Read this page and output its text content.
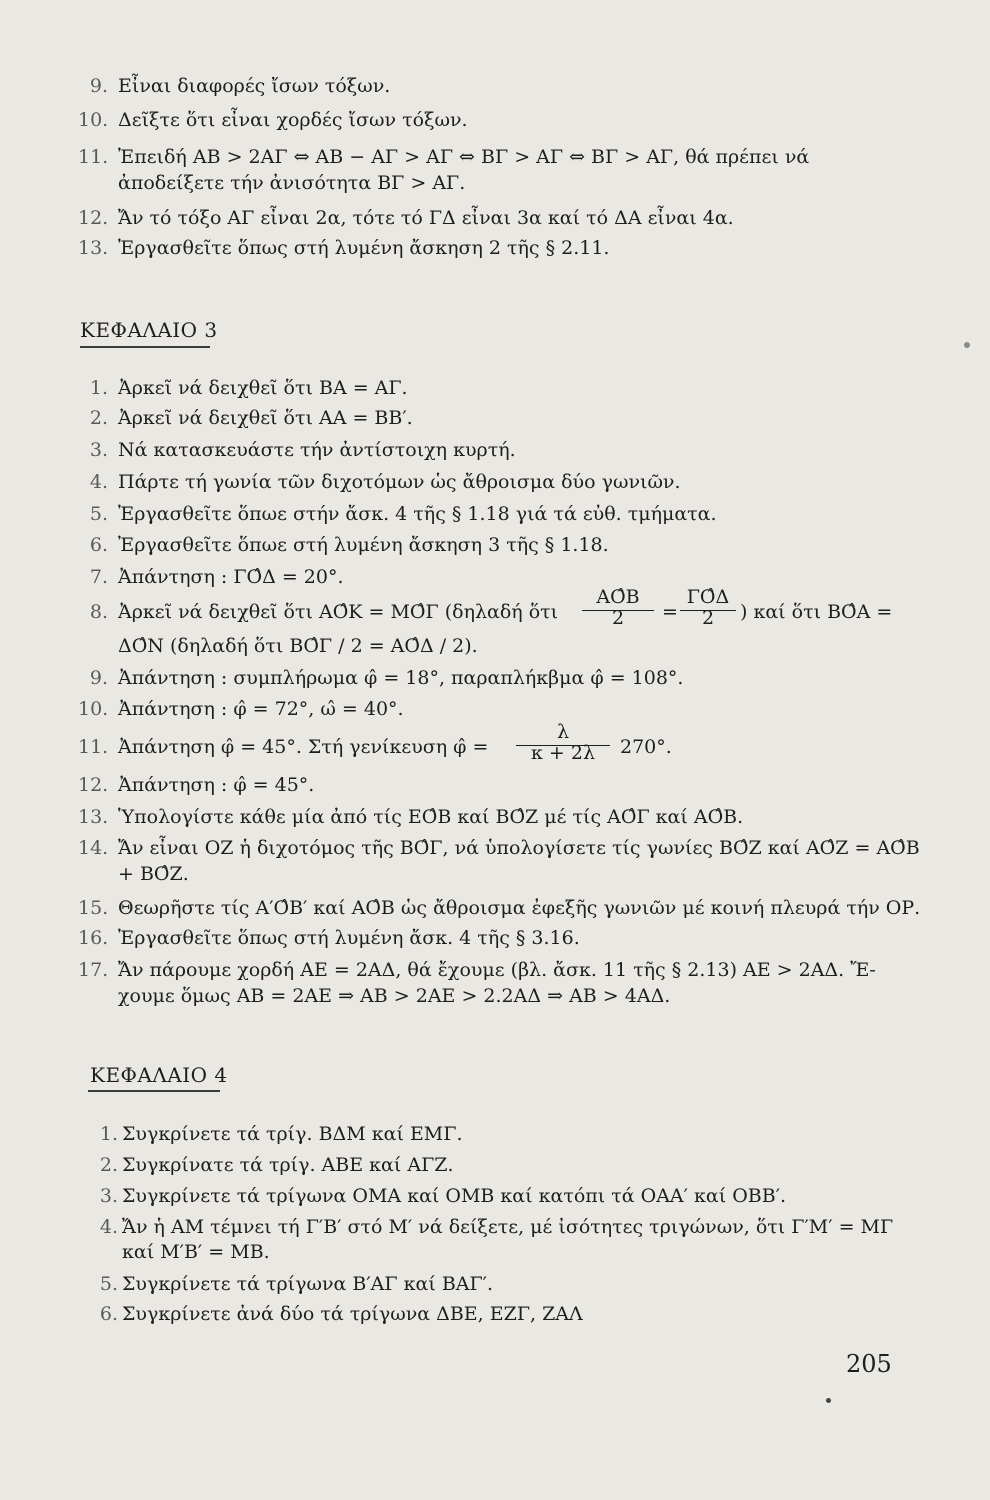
9. Εἶναι διαφορές ἴσων τόξων.
10. Δεῖξτε ὅτι εἶναι χορδές ἴσων τόξων.
11. Ἐπειδή ΑΒ > 2ΑΓ ⇔ ΑΒ − ΑΓ > ΑΓ ⇔ ΒΓ > ΑΓ ⇔ ΒΓ > ΑΓ, θά πρέπει νά
ἀποδείξετε τήν ἀνισότητα ΒΓ > ΑΓ.
12. Ἄν τό τόξο ΑΓ εἶναι 2α, τότε τό ΓΔ εἶναι 3α καί τό ΔΑ εἶναι 4α.
13. Ἐργασθεῖτε ὅπως στή λυμένη ἄσκηση 2 τῆς § 2.11.
ΚΕΦΑΛΑΙΟ 3
1. Ἀρκεῖ νά δειχθεῖ ὅτι ΒΑ = ΑΓ.
2. Ἀρκεῖ νά δειχθεῖ ὅτι ΑΑ = ΒΒ′.
3. Νά κατασκευάστε τήν ἀντίστοιχη κυρτή.
4. Πάρτε τή γωνία τῶν διχοτόμων ὡς ἄθροισμα δύο γωνιῶν.
5. Ἐργασθεῖτε ὅπωε στήν ἄσκ. 4 τῆς § 1.18 γιά τά εὐθ. τμήματα.
6. Ἐργασθεῖτε ὅπωε στή λυμένη ἄσκηση 3 τῆς § 1.18.
7. Ἀπάντηση : ΓΟ̂Δ = 20°.
8. Ἀρκεῖ νά δειχθεῖ ὅτι ΑΟ̂Κ = ΜΟ̂Γ (δηλαδή ὅτι
ΑΟ̂Β
2	=
ΓΟ̂Δ
2	) καί ὅτι ΒΟ̂Α =
ΔΟ̂Ν (δηλαδή ὅτι ΒΟ̂Γ / 2 = ΑΟ̂Δ / 2).
9. Ἀπάντηση : συμπλήρωμα φ̂ = 18°, παραπλήκβμα φ̂ = 108°.
10. Ἀπάντηση : φ̂ = 72°, ω̂ = 40°.
11. Ἀπάντηση φ̂ = 45°. Στή γενίκευση φ̂ =
λ
κ + 2λ	270°.
12. Ἀπάντηση : φ̂ = 45°.
13. Ὑπολογίστε κάθε μία ἀπό τίς ΕΟ̂Β καί ΒΟ̂Ζ μέ τίς ΑΟ̂Γ καί ΑΟ̂Β.
14. Ἄν εἶναι ΟΖ ἡ διχοτόμος τῆς ΒΟ̂Γ, νά ὑπολογίσετε τίς γωνίες ΒΟ̂Ζ καί ΑΟ̂Ζ = ΑΟ̂Β
+ ΒΟ̂Ζ.
15. Θεωρῆστε τίς Α′Ο̂Β′ καί ΑΟ̂Β ὡς ἄθροισμα ἐφεξῆς γωνιῶν μέ κοινή πλευρά τήν ΟΡ.
16. Ἐργασθεῖτε ὅπως στή λυμένη ἄσκ. 4 τῆς § 3.16.
17. Ἄν πάρουμε χορδή ΑΕ = 2ΑΔ, θά ἔχουμε (βλ. ἄσκ. 11 τῆς § 2.13) ΑΕ > 2ΑΔ. Ἔ-
χουμε ὅμως ΑΒ = 2ΑΕ ⇒ ΑΒ > 2ΑΕ > 2.2ΑΔ ⇒ ΑΒ > 4ΑΔ.
ΚΕΦΑΛΑΙΟ 4
1. Συγκρίνετε τά τρίγ. ΒΔΜ καί ΕΜΓ.
2. Συγκρίνατε τά τρίγ. ΑΒΕ καί ΑΓΖ.
3. Συγκρίνετε τά τρίγωνα ΟΜΑ καί ΟΜΒ καί κατόπι τά ΟΑΑ′ καί ΟΒΒ′.
4. Ἄν ἡ ΑΜ τέμνει τή Γ′Β′ στό Μ′ νά δείξετε, μέ ἰσότητες τριγώνων, ὅτι Γ′Μ′ = ΜΓ
καί Μ′Β′ = ΜΒ.
5. Συγκρίνετε τά τρίγωνα Β′ΑΓ καί ΒΑΓ′.
6. Συγκρίνετε ἀνά δύο τά τρίγωνα ΔΒΕ, ΕΖΓ, ΖΑΛ
205
